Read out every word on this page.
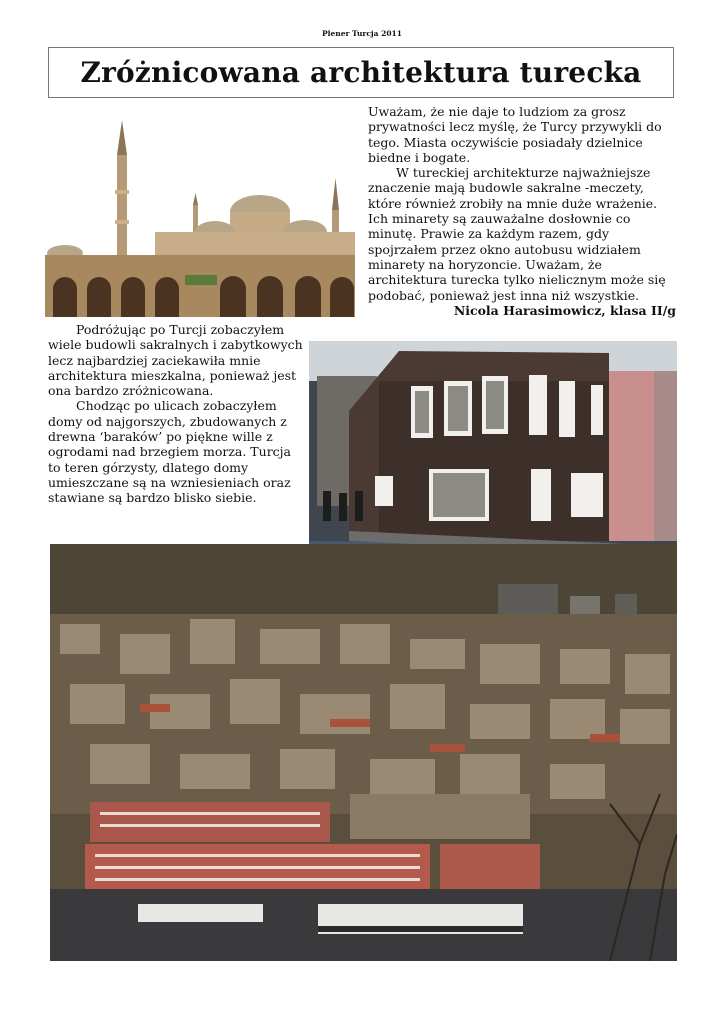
Plener Turcja 2011
Zróżnicowana architektura turecka

Uważam, że nie daje to ludziom za grosz prywatności lecz myślę, że Turcy przywykli do tego. Miasta oczywiście posiadały dzielnice biedne i bogate.

W tureckiej architekturze najważniejsze znaczenie mają budowle sakralne -meczety, które również zrobiły na mnie duże wrażenie. Ich minarety są zauważalne dosłownie co minutę. Prawie za każdym razem, gdy spojrzałem przez okno autobusu widziałem minarety na horyzoncie. Uważam, że architektura turecka tylko nielicznym może się podobać, ponieważ jest inna niż wszystkie.

Nicola Harasimowicz, klasa II/g

Podróżując po Turcji zobaczyłem wiele budowli sakralnych i zabytkowych lecz najbardziej zaciekawiła mnie architektura mieszkalna, ponieważ jest ona bardzo zróżnicowana.

Chodząc po ulicach zobaczyłem domy od najgorszych, zbudowanych z drewna ‘baraków’ po piękne wille z ogrodami nad brzegiem morza. Turcja to teren górzysty, dlatego domy umieszczane są na wzniesieniach oraz stawiane są bardzo blisko siebie.
